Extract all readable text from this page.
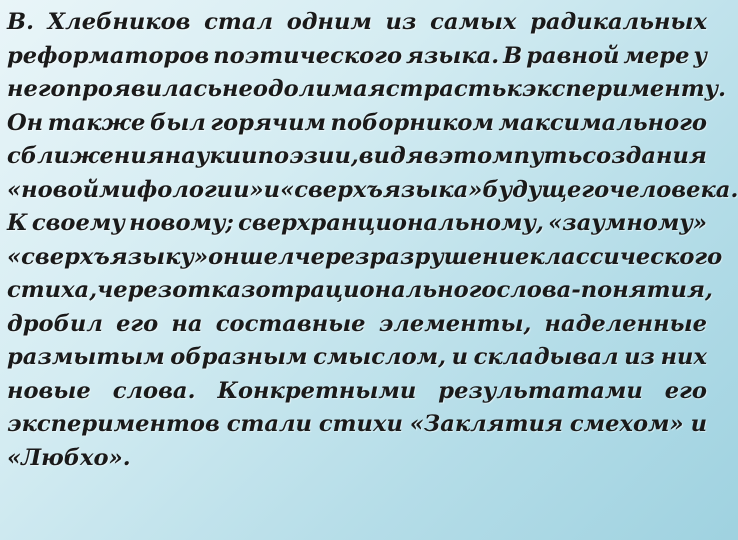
В. Хлебников стал одним из самых радикальных
реформаторов поэтического языка. В равной мере у
него проявилась неодолимая страсть к эксперименту.
Он также был горячим поборником максимального
сближения науки и поэзии, видя в этом путь создания
«новой мифологии» и «сверхъязыка» будущего человека.
К своему новому; сверхранциональному, «заумному»
«сверхъязыку» он шел через разрушение классического
стиха, через отказ от рационального слова-понятия,
дробил его на составные элементы, наделенные
размытым образным смыслом, и складывал из них
новые слова. Конкретными результатами его
экспериментов стали стихи «Заклятия смехом» и
«Любхо».
